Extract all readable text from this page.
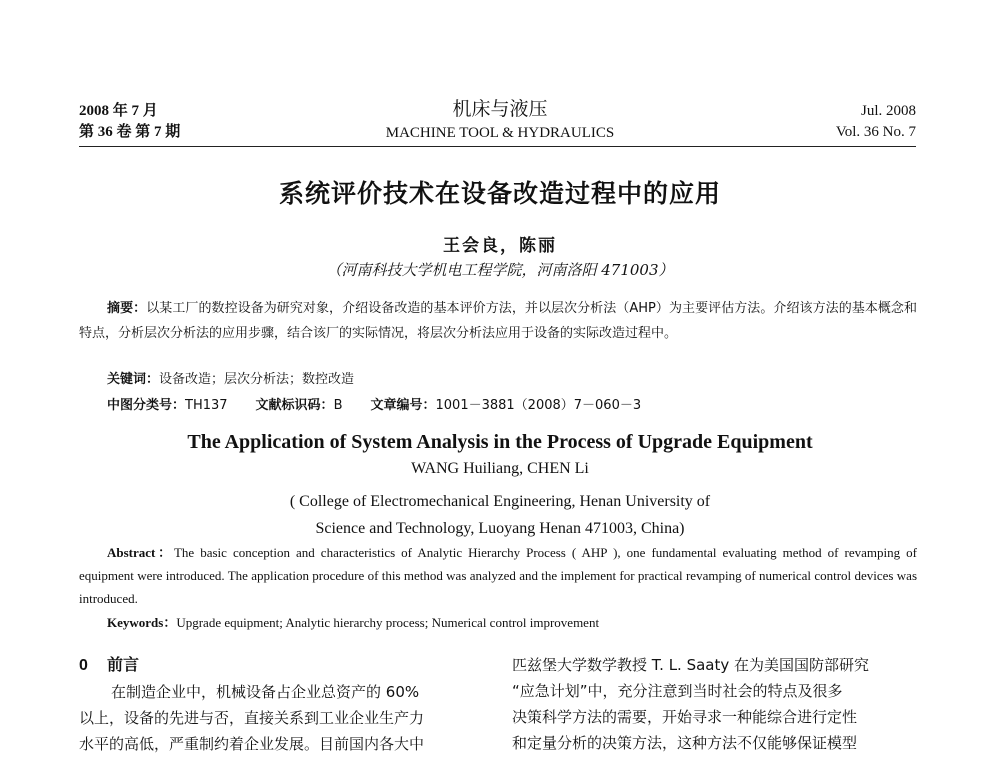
2008 年 7 月
第 36 卷 第 7 期
机床与液压
MACHINE TOOL & HYDRAULICS
Jul. 2008
Vol. 36 No. 7
系统评价技术在设备改造过程中的应用
王会良，陈丽
（河南科技大学机电工程学院，河南洛阳 471003）
摘要：以某工厂的数控设备为研究对象，介绍设备改造的基本评价方法，并以层次分析法（AHP）为主要评估方法。介绍该方法的基本概念和特点，分析层次分析法的应用步骤，结合该厂的实际情况，将层次分析法应用于设备的实际改造过程中。
关键词：设备改造；层次分析法；数控改造
中图分类号：TH137 文献标识码：B 文章编号：1001－3881（2008）7－060－3
The Application of System Analysis in the Process of Upgrade Equipment
WANG Huiliang, CHEN Li
( College of Electromechanical Engineering, Henan University of
Science and Technology, Luoyang Henan 471003, China)
Abstract：The basic conception and characteristics of Analytic Hierarchy Process ( AHP ), one fundamental evaluating method of revamping of equipment were introduced. The application procedure of this method was analyzed and the implement for practical revamping of numerical control devices was introduced.
Keywords：Upgrade equipment; Analytic hierarchy process; Numerical control improvement
0 前言
在制造企业中，机械设备占企业总资产的 60%
以上，设备的先进与否，直接关系到工业企业生产力
水平的高低，严重制约着企业发展。目前国内各大中
匹兹堡大学数学教授 T. L. Saaty 在为美国国防部研究
“应急计划”中，充分注意到当时社会的特点及很多
决策科学方法的需要，开始寻求一种能综合进行定性
和定量分析的决策方法，这种方法不仅能够保证模型
